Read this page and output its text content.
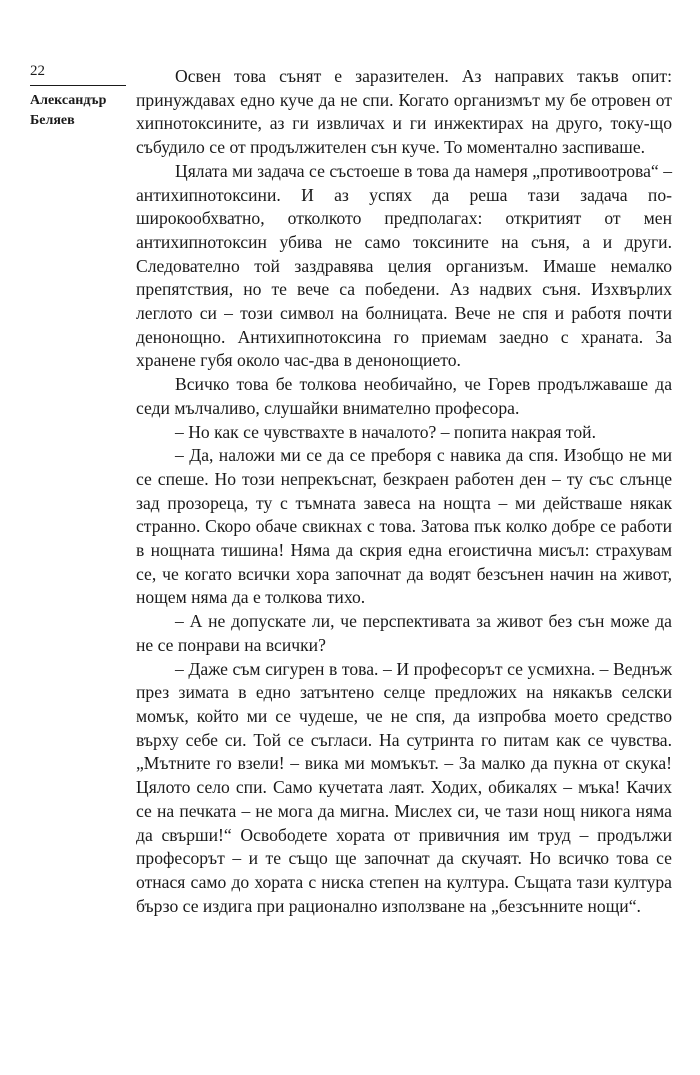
22
Александър
Беляев

Освен това сънят е заразителен. Аз направих такъв опит: принуждавах едно куче да не спи. Когато организмът му бе отровен от хипнотоксините, аз ги извличах и ги инжектирах на друго, току-що събудило се от продължителен сън куче. То моментално заспиваше.

Цялата ми задача се състоеше в това да намеря „противоотрова“ – антихипнотоксини. И аз успях да реша тази задача по-широкообхватно, отколкото предполагах: откритият от мен антихипнотоксин убива не само токсините на съня, а и други. Следователно той заздравява целия организъм. Имаше немалко препятствия, но те вече са победени. Аз надвих съня. Изхвърлих леглото си – този символ на болницата. Вече не спя и работя почти денонощно. Антихипнотоксина го приемам заедно с храната. За хранене губя около час-два в денонощието.

Всичко това бе толкова необичайно, че Горев продължаваше да седи мълчаливо, слушайки внимателно професора.

– Но как се чувствахте в началото? – попита накрая той.

– Да, наложи ми се да се преборя с навика да спя. Изобщо не ми се спеше. Но този непрекъснат, безкраен работен ден – ту със слънце зад прозореца, ту с тъмната завеса на нощта – ми действаше някак странно. Скоро обаче свикнах с това. Затова пък колко добре се работи в нощната тишина! Няма да скрия една егоистична мисъл: страхувам се, че когато всички хора започнат да водят безсънен начин на живот, нощем няма да е толкова тихо.

– А не допускате ли, че перспективата за живот без сън може да не се понрави на всички?

– Даже съм сигурен в това. – И професорът се усмихна. – Веднъж през зимата в едно затънтено селце предложих на някакъв селски момък, който ми се чудеше, че не спя, да изпробва моето средство върху себе си. Той се съгласи. На сутринта го питам как се чувства. „Мътните го взели! – вика ми момъкът. – За малко да пукна от скука! Цялото село спи. Само кучетата лаят. Ходих, обикалях – мъка! Качих се на печката – не мога да мигна. Мислех си, че тази нощ никога няма да свърши!“ Освободете хората от привичния им труд – продължи професорът – и те също ще започнат да скучаят. Но всичко това се отнася само до хората с ниска степен на култура. Същата тази култура бързо се издига при рационално използване на „безсънните нощи“.
